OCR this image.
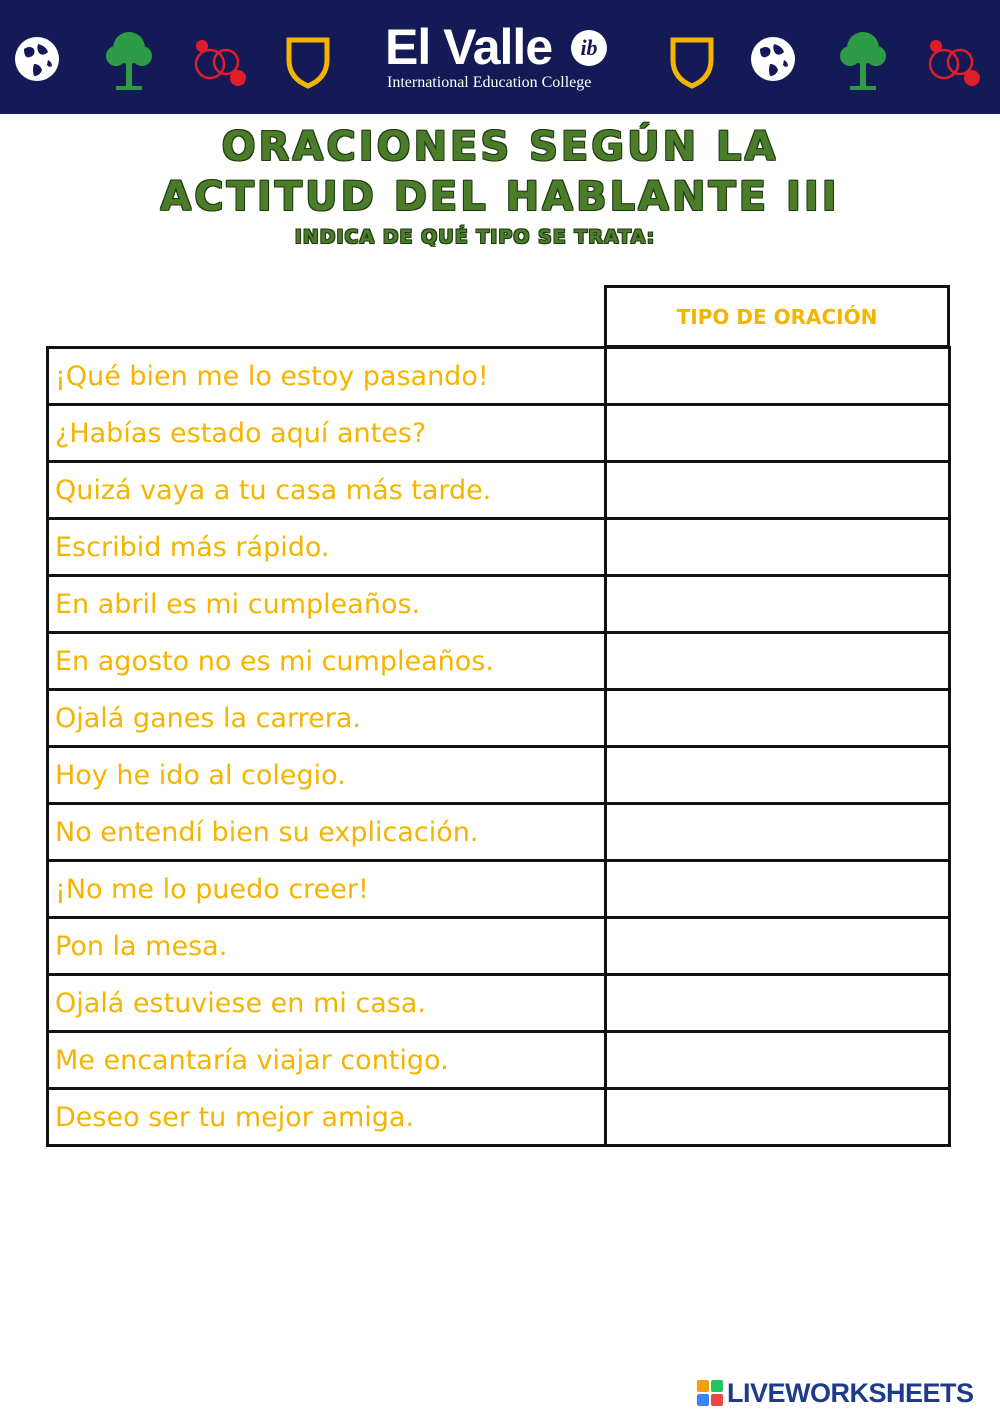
El Valle	ib
International Education College
ORACIONES SEGÚN LA
ACTITUD DEL HABLANTE III
INDICA DE QUÉ TIPO SE TRATA:
TIPO DE ORACIÓN
¡Qué bien me lo estoy pasando!	
¿Habías estado aquí antes?	
Quizá vaya a tu casa más tarde.	
Escribid más rápido.	
En abril es mi cumpleaños.	
En agosto no es mi cumpleaños.	
Ojalá ganes la carrera.	
Hoy he ido al colegio.	
No entendí bien su explicación.	
¡No me lo puedo creer!	
Pon la mesa.	
Ojalá estuviese en mi casa.	
Me encantaría viajar contigo.	
Deseo ser tu mejor amiga.	
LIVEWORKSHEETS
